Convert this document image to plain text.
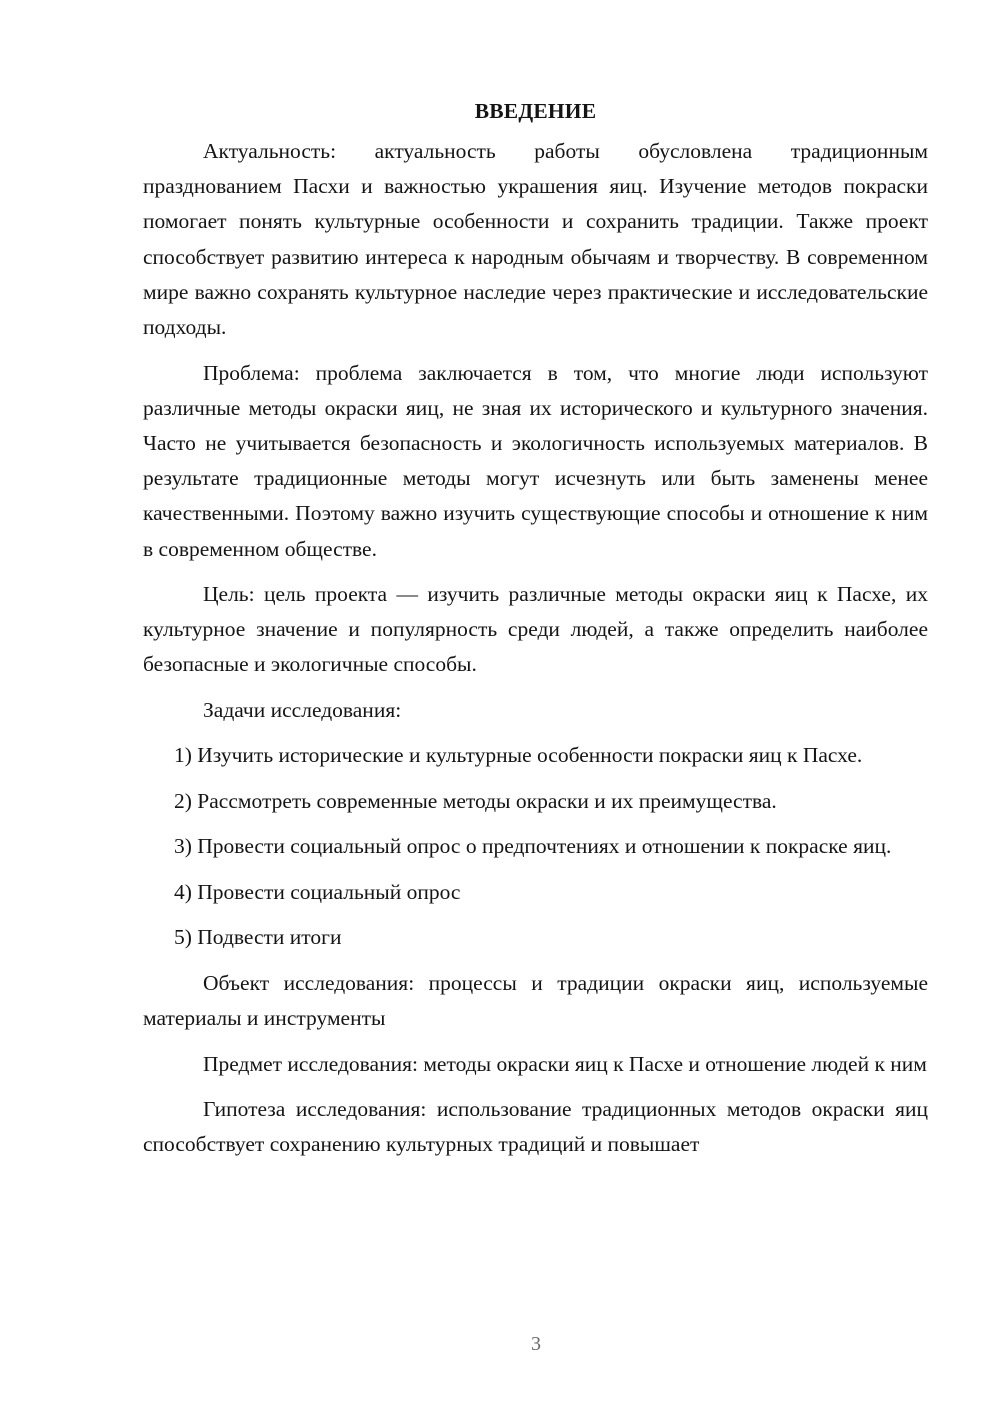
ВВЕДЕНИЕ

Актуальность: актуальность работы обусловлена традиционным празднованием Пасхи и важностью украшения яиц. Изучение методов покраски помогает понять культурные особенности и сохранить традиции. Также проект способствует развитию интереса к народным обычаям и творчеству. В современном мире важно сохранять культурное наследие через практические и исследовательские подходы.

Проблема: проблема заключается в том, что многие люди используют различные методы окраски яиц, не зная их исторического и культурного значения. Часто не учитывается безопасность и экологичность используемых материалов. В результате традиционные методы могут исчезнуть или быть заменены менее качественными. Поэтому важно изучить существующие способы и отношение к ним в современном обществе.

Цель: цель проекта — изучить различные методы окраски яиц к Пасхе, их культурное значение и популярность среди людей, а также определить наиболее безопасные и экологичные способы.

Задачи исследования:

1) Изучить исторические и культурные особенности покраски яиц к Пасхе.

2) Рассмотреть современные методы окраски и их преимущества.

3) Провести социальный опрос о предпочтениях и отношении к покраске яиц.

4) Провести социальный опрос

5) Подвести итоги

Объект исследования: процессы и традиции окраски яиц, используемые материалы и инструменты

Предмет исследования: методы окраски яиц к Пасхе и отношение людей к ним

Гипотеза исследования: использование традиционных методов окраски яиц способствует сохранению культурных традиций и повышает

3
